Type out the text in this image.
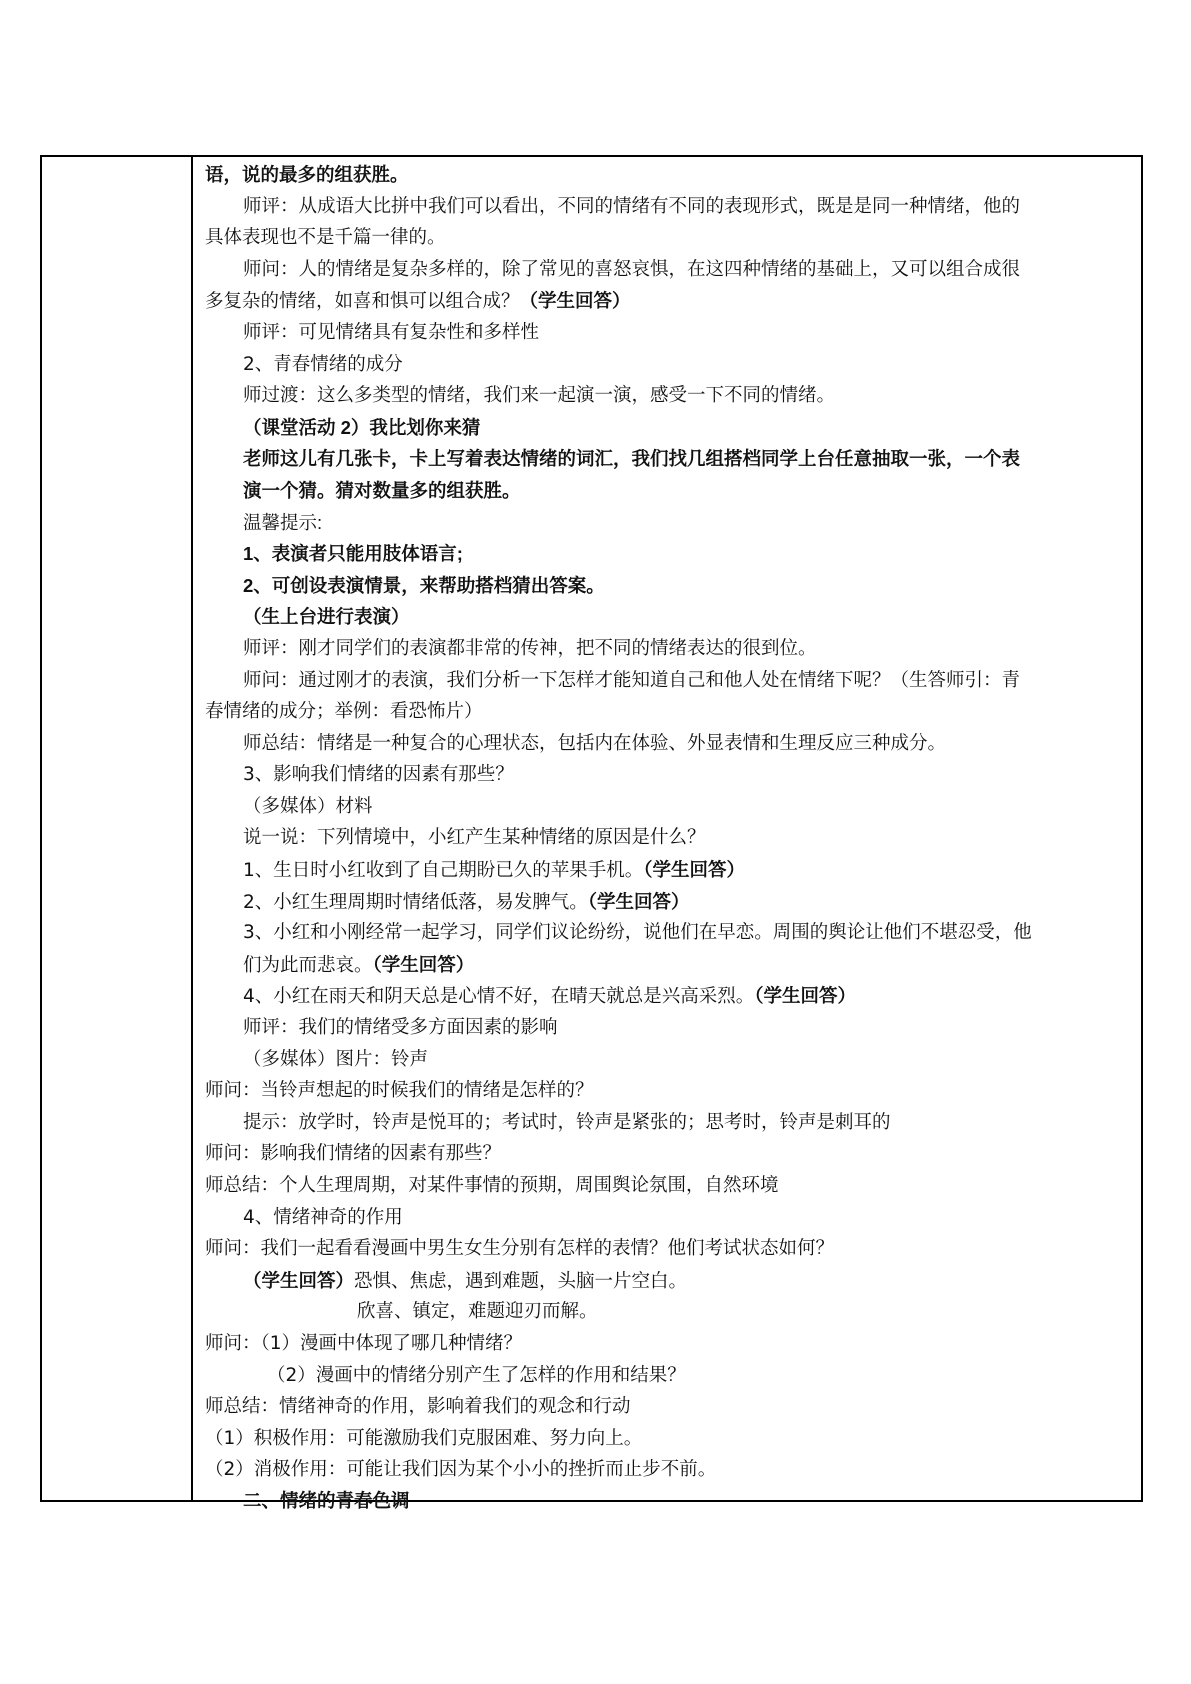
语，说的最多的组获胜。
师评：从成语大比拼中我们可以看出，不同的情绪有不同的表现形式，既是是同一种情绪，他的
具体表现也不是千篇一律的。
师问：人的情绪是复杂多样的，除了常见的喜怒哀惧，在这四种情绪的基础上，又可以组合成很
多复杂的情绪，如喜和惧可以组合成？（学生回答）
师评：可见情绪具有复杂性和多样性
2、青春情绪的成分
师过渡：这么多类型的情绪，我们来一起演一演，感受一下不同的情绪。
（课堂活动 2）我比划你来猜
老师这儿有几张卡，卡上写着表达情绪的词汇，我们找几组搭档同学上台任意抽取一张，一个表
演一个猜。猜对数量多的组获胜。
温馨提示:
1、表演者只能用肢体语言;
2、可创设表演情景，来帮助搭档猜出答案。
（生上台进行表演）
师评：刚才同学们的表演都非常的传神，把不同的情绪表达的很到位。
师问：通过刚才的表演，我们分析一下怎样才能知道自己和他人处在情绪下呢？（生答师引：青
春情绪的成分；举例：看恐怖片）
师总结：情绪是一种复合的心理状态，包括内在体验、外显表情和生理反应三种成分。
3、影响我们情绪的因素有那些？
（多媒体）材料
说一说：下列情境中，小红产生某种情绪的原因是什么？
1、生日时小红收到了自己期盼已久的苹果手机。（学生回答）
2、小红生理周期时情绪低落，易发脾气。（学生回答）
3、小红和小刚经常一起学习，同学们议论纷纷，说他们在早恋。周围的舆论让他们不堪忍受，他
们为此而悲哀。（学生回答）
4、小红在雨天和阴天总是心情不好，在晴天就总是兴高采烈。（学生回答）
师评：我们的情绪受多方面因素的影响
（多媒体）图片：铃声
师问：当铃声想起的时候我们的情绪是怎样的？
提示：放学时，铃声是悦耳的；考试时，铃声是紧张的；思考时，铃声是刺耳的
师问：影响我们情绪的因素有那些？
师总结：个人生理周期，对某件事情的预期，周围舆论氛围，自然环境
4、情绪神奇的作用
师问：我们一起看看漫画中男生女生分别有怎样的表情？他们考试状态如何？
（学生回答）恐惧、焦虑，遇到难题，头脑一片空白。
欣喜、镇定，难题迎刃而解。
师问：（1）漫画中体现了哪几种情绪？
（2）漫画中的情绪分别产生了怎样的作用和结果？
师总结：情绪神奇的作用，影响着我们的观念和行动
（1）积极作用：可能激励我们克服困难、努力向上。
（2）消极作用：可能让我们因为某个小小的挫折而止步不前。
二、情绪的青春色调
